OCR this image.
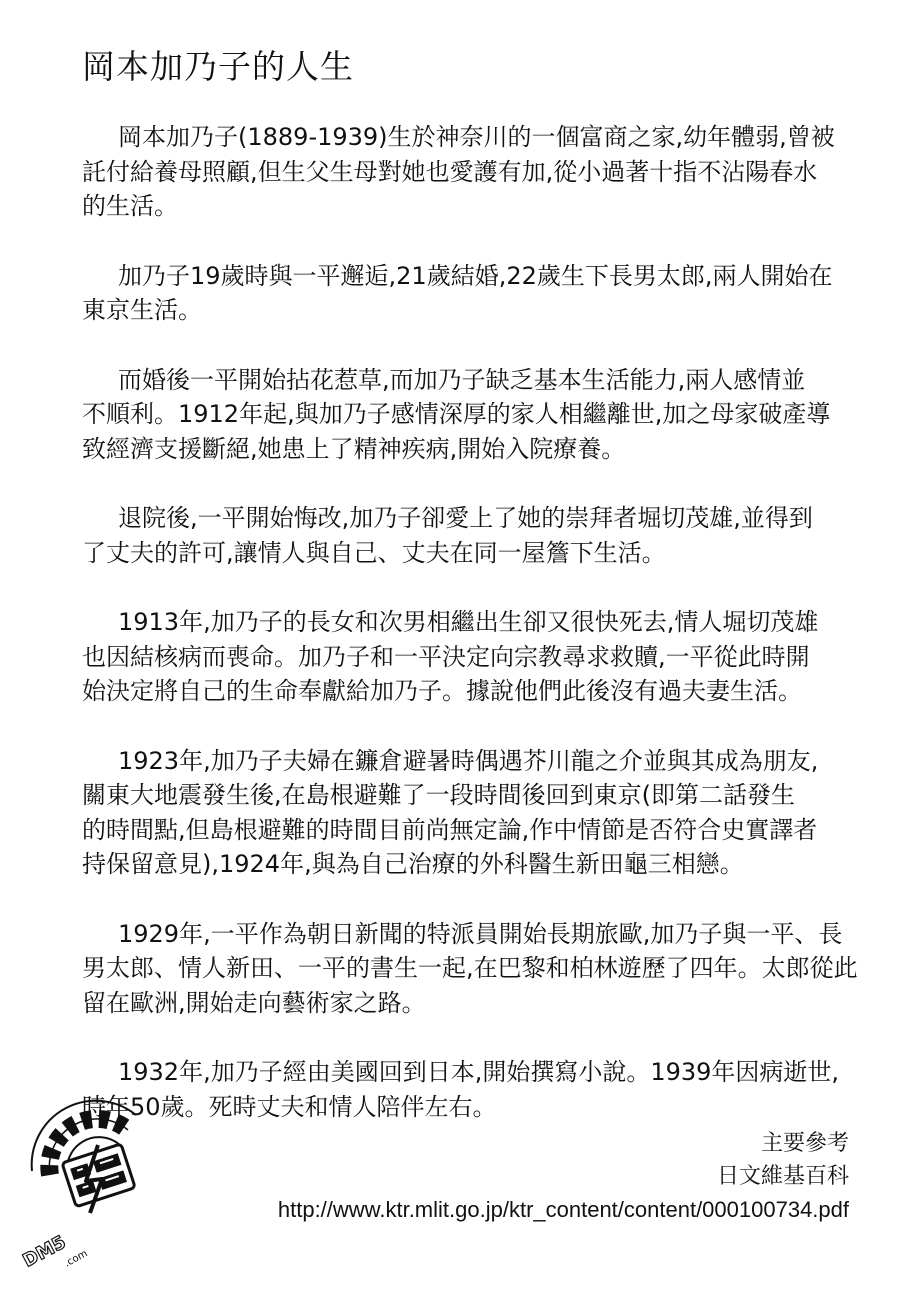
岡本加乃子的人生

岡本加乃子(1889-1939)生於神奈川的一個富商之家,幼年體弱,曾被
託付給養母照顧,但生父生母對她也愛護有加,從小過著十指不沾陽春水
的生活。

加乃子19歲時與一平邂逅,21歲結婚,22歲生下長男太郎,兩人開始在
東京生活。

而婚後一平開始拈花惹草,而加乃子缺乏基本生活能力,兩人感情並
不順利。1912年起,與加乃子感情深厚的家人相繼離世,加之母家破產導
致經濟支援斷絕,她患上了精神疾病,開始入院療養。

退院後,一平開始悔改,加乃子卻愛上了她的崇拜者堀切茂雄,並得到
了丈夫的許可,讓情人與自己、丈夫在同一屋簷下生活。

1913年,加乃子的長女和次男相繼出生卻又很快死去,情人堀切茂雄
也因結核病而喪命。加乃子和一平決定向宗教尋求救贖,一平從此時開
始決定將自己的生命奉獻給加乃子。據說他們此後沒有過夫妻生活。

1923年,加乃子夫婦在鐮倉避暑時偶遇芥川龍之介並與其成為朋友,
關東大地震發生後,在島根避難了一段時間後回到東京(即第二話發生
的時間點,但島根避難的時間目前尚無定論,作中情節是否符合史實譯者
持保留意見),1924年,與為自己治療的外科醫生新田龜三相戀。

1929年,一平作為朝日新聞的特派員開始長期旅歐,加乃子與一平、長
男太郎、情人新田、一平的書生一起,在巴黎和柏林遊歷了四年。太郎從此
留在歐洲,開始走向藝術家之路。

1932年,加乃子經由美國回到日本,開始撰寫小說。1939年因病逝世,
時年50歲。死時丈夫和情人陪伴左右。

主要參考
日文維基百科
http://www.ktr.mlit.go.jp/ktr_content/content/000100734.pdf
DM5
.com
